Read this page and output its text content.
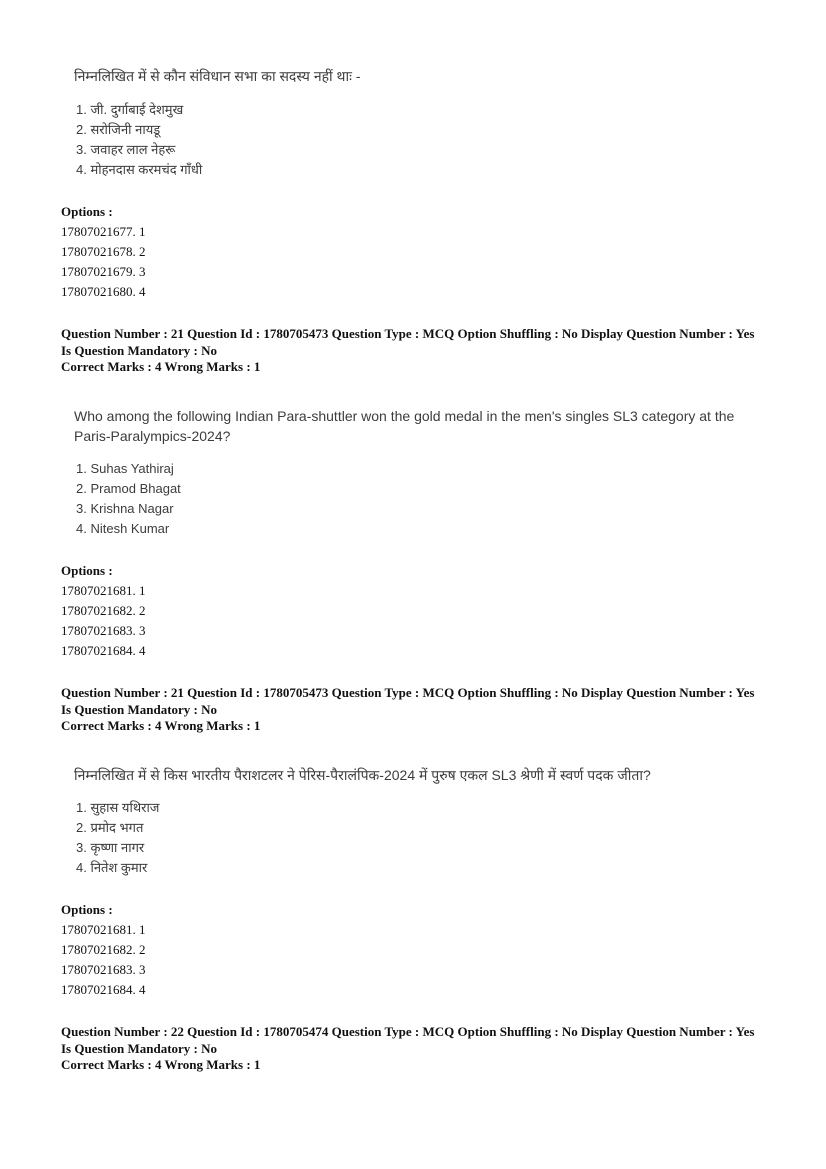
निम्नलिखित में से कौन संविधान सभा का सदस्य नहीं थाः -
1. जी. दुर्गाबाई देशमुख
2. सरोजिनी नायडू
3. जवाहर लाल नेहरू
4. मोहनदास करमचंद गाँधी
Options :
17807021677. 1
17807021678. 2
17807021679. 3
17807021680. 4
Question Number : 21 Question Id : 1780705473 Question Type : MCQ Option Shuffling : No Display Question Number : Yes
Is Question Mandatory : No
Correct Marks : 4 Wrong Marks : 1
Who among the following Indian Para-shuttler won the gold medal in the men's singles SL3 category at the Paris-Paralympics-2024?
1. Suhas Yathiraj
2. Pramod Bhagat
3. Krishna Nagar
4. Nitesh Kumar
Options :
17807021681. 1
17807021682. 2
17807021683. 3
17807021684. 4
Question Number : 21 Question Id : 1780705473 Question Type : MCQ Option Shuffling : No Display Question Number : Yes
Is Question Mandatory : No
Correct Marks : 4 Wrong Marks : 1
निम्नलिखित में से किस भारतीय पैराशटलर ने पेरिस-पैरालंपिक-2024 में पुरुष एकल SL3 श्रेणी में स्वर्ण पदक जीता?
1. सुहास यथिराज
2. प्रमोद भगत
3. कृष्णा नागर
4. नितेश कुमार
Options :
17807021681. 1
17807021682. 2
17807021683. 3
17807021684. 4
Question Number : 22 Question Id : 1780705474 Question Type : MCQ Option Shuffling : No Display Question Number : Yes
Is Question Mandatory : No
Correct Marks : 4 Wrong Marks : 1
